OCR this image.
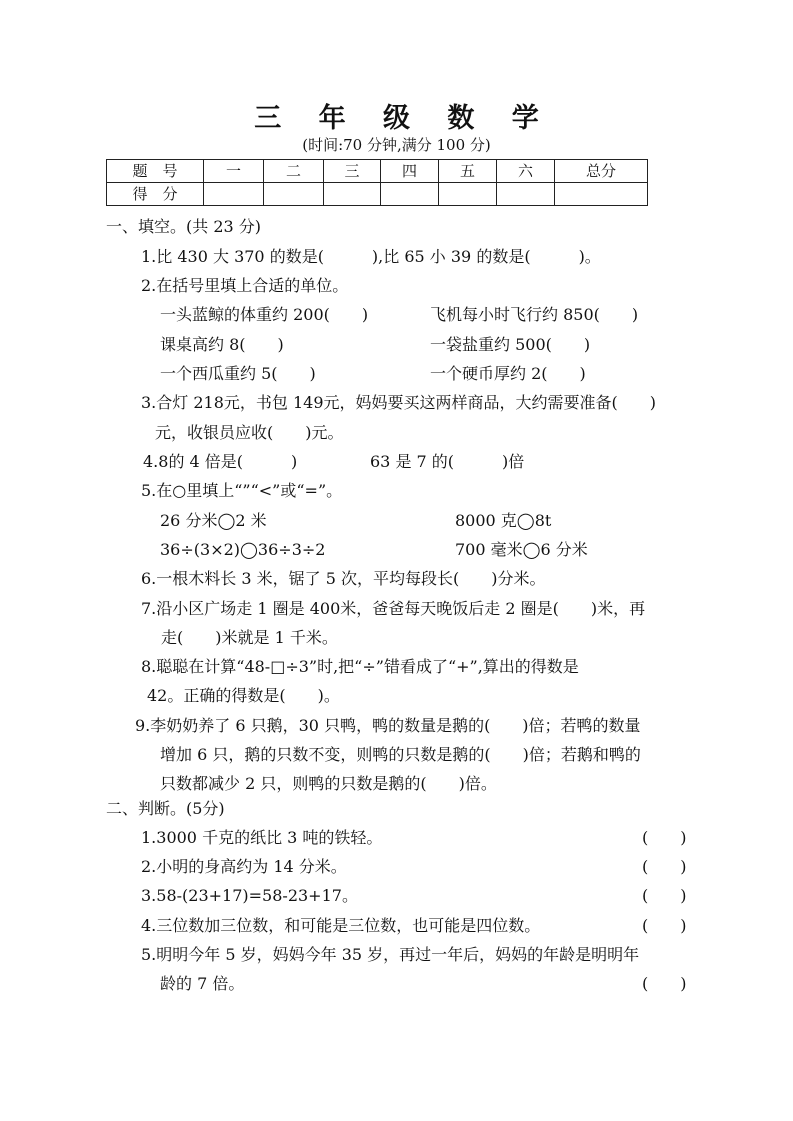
三 年 级 数 学
(时间:70 分钟,满分 100 分)
题　号	一	二	三	四	五	六	总分
得　分							
一、填空。(共 23 分)
1.比 430 大 370 的数是(　　　),比 65 小 39 的数是(　　　)。
2.在括号里填上合适的单位。
一头蓝鲸的体重约 200(　　)	飞机每小时飞行约 850(　　)
课桌高约 8(　　)	一袋盐重约 500(　　)
一个西瓜重约 5(　　)	一个硬币厚约 2(　　)
3.合灯 218元，书包 149元，妈妈要买这两样商品，大约需要准备(　　)
元，收银员应收(　　)元。
4.8的 4 倍是(　　　)	63 是 7 的(　　　)倍
5.在○里填上“”“<”或“=”。
26 分米◯2 米	8000 克◯8t
36÷(3×2)◯36÷3÷2	700 毫米◯6 分米
6.一根木料长 3 米，锯了 5 次，平均每段长(　　)分米。
7.沿小区广场走 1 圈是 400米，爸爸每天晚饭后走 2 圈是(　　)米，再
走(　　)米就是 1 千米。
8.聪聪在计算“48-□÷3”时,把“÷”错看成了“+”,算出的得数是
42。正确的得数是(　　)。
9.李奶奶养了 6 只鹅，30 只鸭，鸭的数量是鹅的(　　)倍；若鸭的数量
增加 6 只，鹅的只数不变，则鸭的只数是鹅的(　　)倍；若鹅和鸭的
只数都减少 2 只，则鸭的只数是鹅的(　　)倍。
二、判断。(5分)
1.3000 千克的纸比 3 吨的铁轻。	(　　)
2.小明的身高约为 14 分米。	(　　)
3.58-(23+17)=58-23+17。	(　　)
4.三位数加三位数，和可能是三位数，也可能是四位数。	(　　)
5.明明今年 5 岁，妈妈今年 35 岁，再过一年后，妈妈的年龄是明明年
龄的 7 倍。	(　　)
